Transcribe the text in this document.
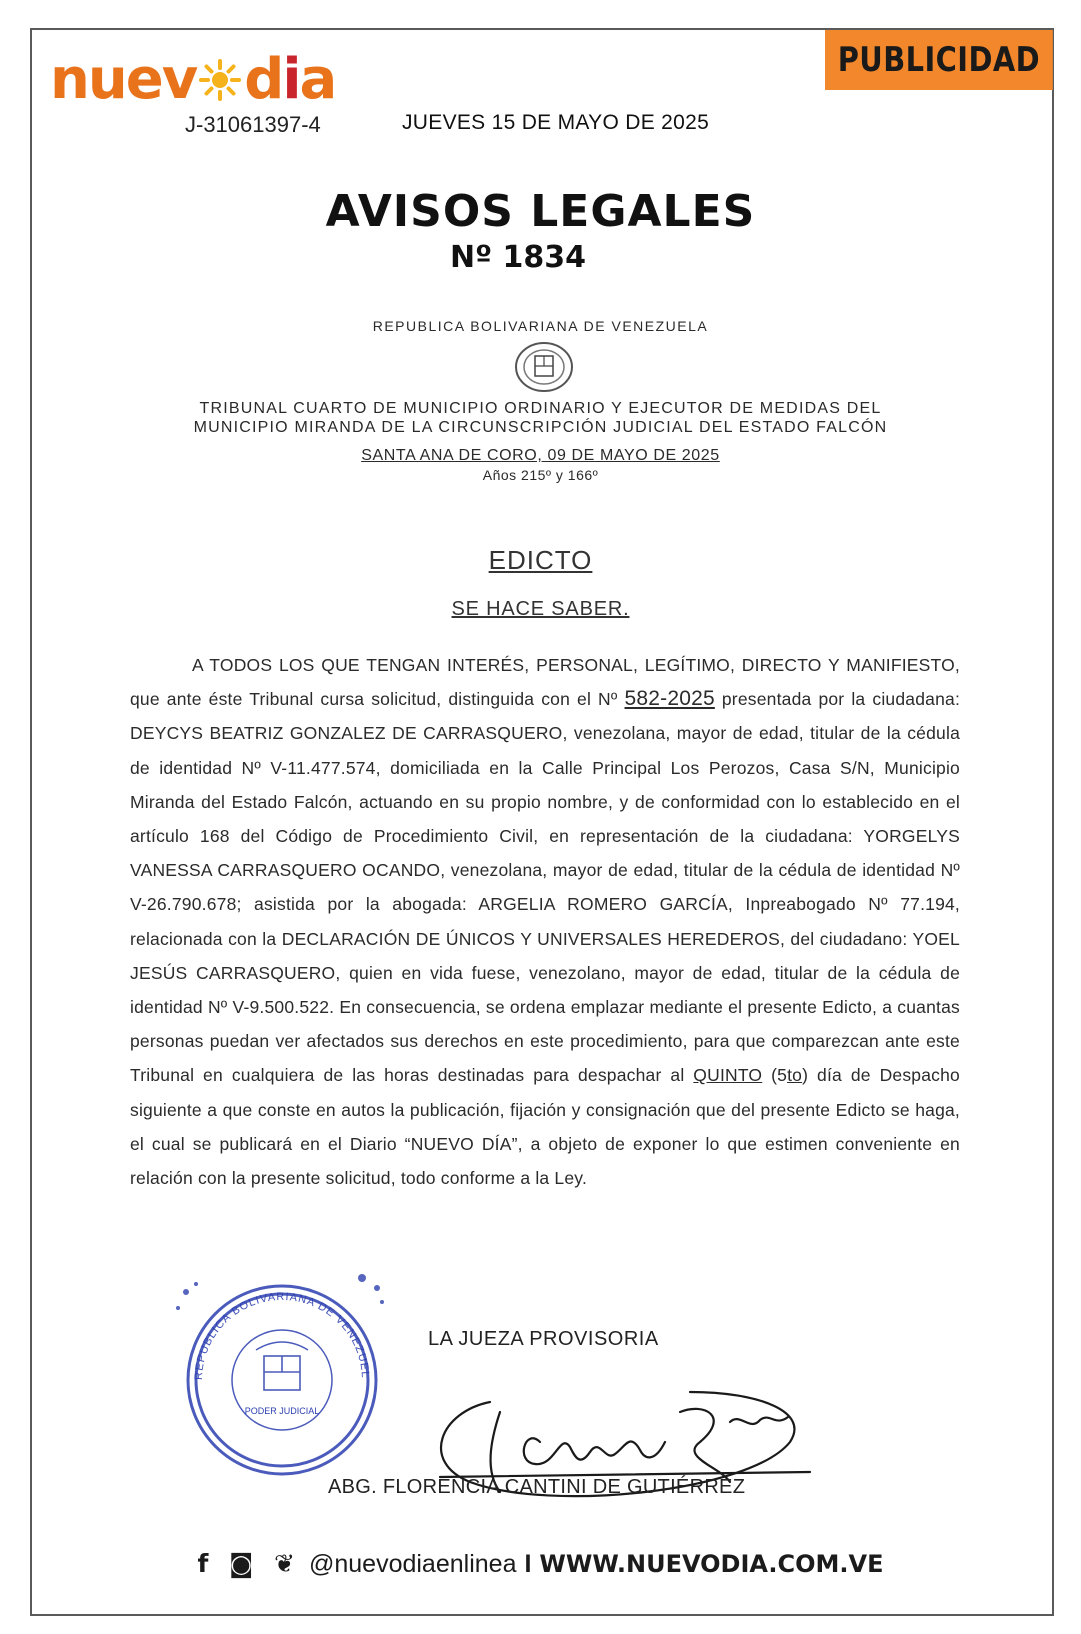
nuev dia
J-31061397-4	JUEVES 15 DE MAYO DE 2025
PUBLICIDAD
AVISOS LEGALES
Nº 1834
REPUBLICA BOLIVARIANA DE VENEZUELA
TRIBUNAL CUARTO DE MUNICIPIO ORDINARIO Y EJECUTOR DE MEDIDAS DEL
MUNICIPIO MIRANDA DE LA CIRCUNSCRIPCIÓN JUDICIAL DEL ESTADO FALCÓN
SANTA ANA DE CORO, 09 DE MAYO DE 2025
Años 215º y 166º
EDICTO
SE HACE SABER.
A TODOS LOS QUE TENGAN INTERÉS, PERSONAL, LEGÍTIMO, DIRECTO Y MANIFIESTO, que ante éste Tribunal cursa solicitud, distinguida con el Nº 582-2025 presentada por la ciudadana: DEYCYS BEATRIZ GONZALEZ DE CARRASQUERO, venezolana, mayor de edad, titular de la cédula de identidad Nº V-11.477.574, domiciliada en la Calle Principal Los Perozos, Casa S/N, Municipio Miranda del Estado Falcón, actuando en su propio nombre, y de conformidad con lo establecido en el artículo 168 del Código de Procedimiento Civil, en representación de la ciudadana: YORGELYS VANESSA CARRASQUERO OCANDO, venezolana, mayor de edad, titular de la cédula de identidad Nº V-26.790.678; asistida por la abogada: ARGELIA ROMERO GARCÍA, Inpreabogado Nº 77.194, relacionada con la DECLARACIÓN DE ÚNICOS Y UNIVERSALES HEREDEROS, del ciudadano: YOEL JESÚS CARRASQUERO, quien en vida fuese, venezolano, mayor de edad, titular de la cédula de identidad Nº V-9.500.522. En consecuencia, se ordena emplazar mediante el presente Edicto, a cuantas personas puedan ver afectados sus derechos en este procedimiento, para que comparezcan ante este Tribunal en cualquiera de las horas destinadas para despachar al QUINTO (5to) día de Despacho siguiente a que conste en autos la publicación, fijación y consignación que del presente Edicto se haga, el cual se publicará en el Diario “NUEVO DÍA”, a objeto de exponer lo que estimen conveniente en relación con la presente solicitud, todo conforme a la Ley.
REPUBLICA BOLIVARIANA DE VENEZUEL
PODER JUDICIAL
LA JUEZA PROVISORIA
ABG. FLORENCIA CANTINI DE GUTIÉRREZ
f ◙ ❦ @nuevodiaenlinea I WWW.NUEVODIA.COM.VE
